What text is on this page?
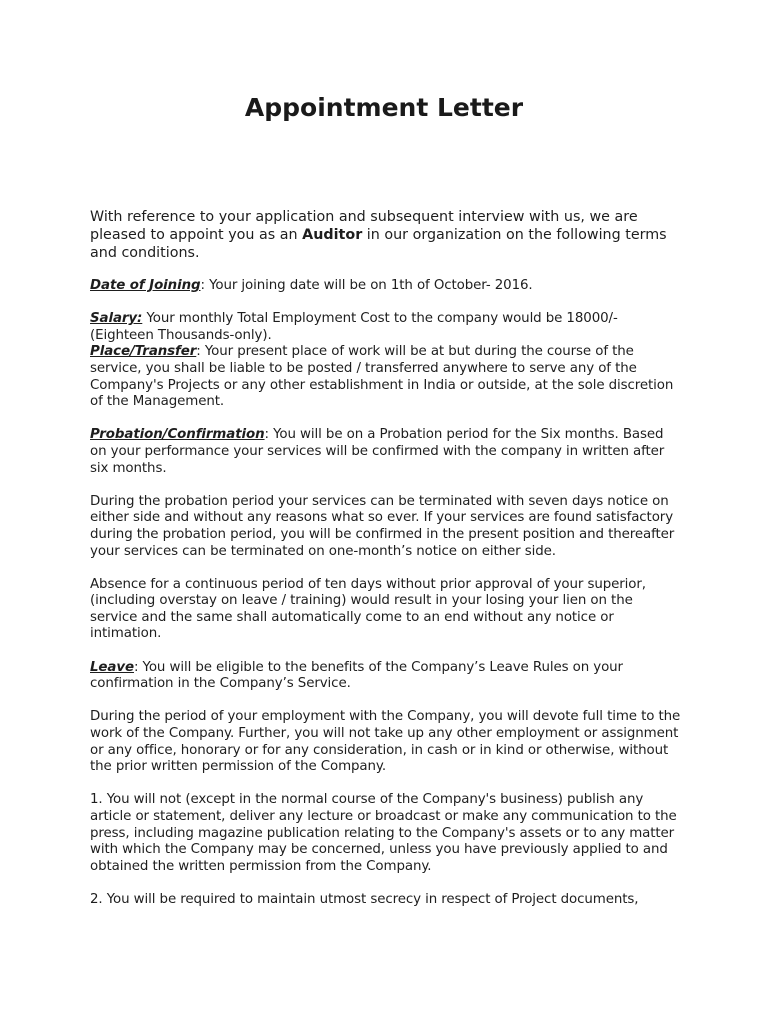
Appointment Letter

With reference to your application and subsequent interview with us, we are pleased to appoint you as an Auditor in our organization on the following terms and conditions.

Date of Joining: Your joining date will be on 1th of October- 2016.

Salary: Your monthly Total Employment Cost to the company would be 18000/- (Eighteen Thousands-only).

Place/Transfer: Your present place of work will be at but during the course of the service, you shall be liable to be posted / transferred anywhere to serve any of the Company's Projects or any other establishment in India or outside, at the sole discretion of the Management.

Probation/Confirmation: You will be on a Probation period for the Six months. Based on your performance your services will be confirmed with the company in written after six months.

During the probation period your services can be terminated with seven days notice on either side and without any reasons what so ever. If your services are found satisfactory during the probation period, you will be confirmed in the present position and thereafter your services can be terminated on one-month’s notice on either side.

Absence for a continuous period of ten days without prior approval of your superior, (including overstay on leave / training) would result in your losing your lien on the service and the same shall automatically come to an end without any notice or intimation.

Leave: You will be eligible to the benefits of the Company’s Leave Rules on your confirmation in the Company’s Service.

During the period of your employment with the Company, you will devote full time to the work of the Company. Further, you will not take up any other employment or assignment or any office, honorary or for any consideration, in cash or in kind or otherwise, without the prior written permission of the Company.

1. You will not (except in the normal course of the Company's business) publish any article or statement, deliver any lecture or broadcast or make any communication to the press, including magazine publication relating to the Company's assets or to any matter with which the Company may be concerned, unless you have previously applied to and obtained the written permission from the Company.

2. You will be required to maintain utmost secrecy in respect of Project documents,
